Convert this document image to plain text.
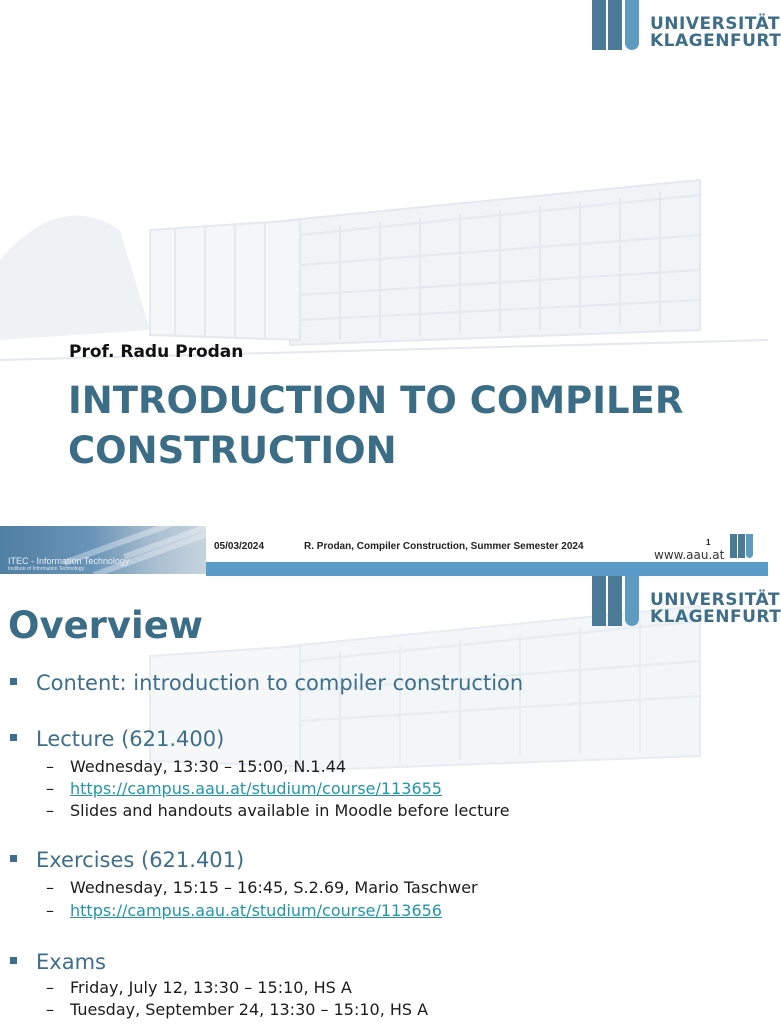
UNIVERSITÄT
KLAGENFURT
Prof. Radu Prodan
INTRODUCTION TO COMPILER
CONSTRUCTION
ITEC - Information Technology
Institute of Information Technology
05/03/2024	R. Prodan, Compiler Construction, Summer Semester 2024	1
www.aau.at
UNIVERSITÄT
KLAGENFURT
Overview
Content: introduction to compiler construction
Lecture (621.400)
– Wednesday, 13:30 – 15:00, N.1.44
– https://campus.aau.at/studium/course/113655
– Slides and handouts available in Moodle before lecture
Exercises (621.401)
– Wednesday, 15:15 – 16:45, S.2.69, Mario Taschwer
– https://campus.aau.at/studium/course/113656
Exams
– Friday, July 12, 13:30 – 15:10, HS A
– Tuesday, September 24, 13:30 – 15:10, HS A
